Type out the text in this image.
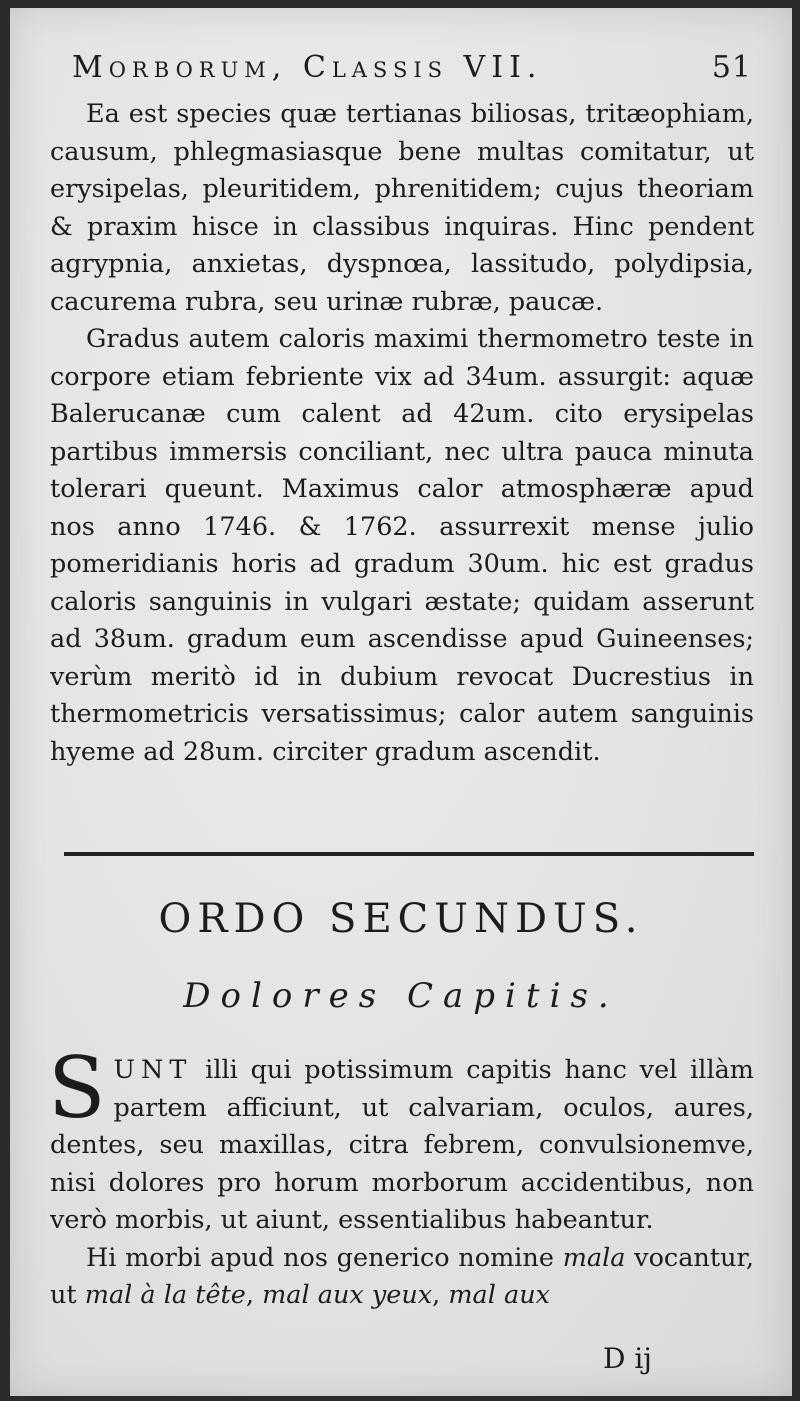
Morborum, Classis VII.	51

Ea est species quæ tertianas biliosas, tritæophiam, causum, phlegmasiasque bene multas comitatur, ut erysipelas, pleuritidem, phrenitidem; cujus theoriam & praxim hisce in classibus inquiras. Hinc pendent agrypnia, anxietas, dyspnœa, lassitudo, polydipsia, cacurema rubra, seu urinæ rubræ, paucæ.

Gradus autem caloris maximi thermometro teste in corpore etiam febriente vix ad 34um. assurgit: aquæ Balerucanæ cum calent ad 42um. cito erysipelas partibus immersis conciliant, nec ultra pauca minuta tolerari queunt. Maximus calor atmosphæræ apud nos anno 1746. & 1762. assurrexit mense julio pomeridianis horis ad gradum 30um. hic est gradus caloris sanguinis in vulgari æstate; quidam asserunt ad 38um. gradum eum ascendisse apud Guineenses; verùm meritò id in dubium revocat Ducrestius in thermometricis versatissimus; calor autem sanguinis hyeme ad 28um. circiter gradum ascendit.

ORDO SECUNDUS.
Dolores Capitis.

SUNT illi qui potissimum capitis hanc vel illàm partem afficiunt, ut calvariam, oculos, aures, dentes, seu maxillas, citra febrem, convulsionemve, nisi dolores pro horum morborum accidentibus, non verò morbis, ut aiunt, essentialibus habeantur.

Hi morbi apud nos generico nomine mala vocantur, ut mal à la tête, mal aux yeux, mal aux

D ij
